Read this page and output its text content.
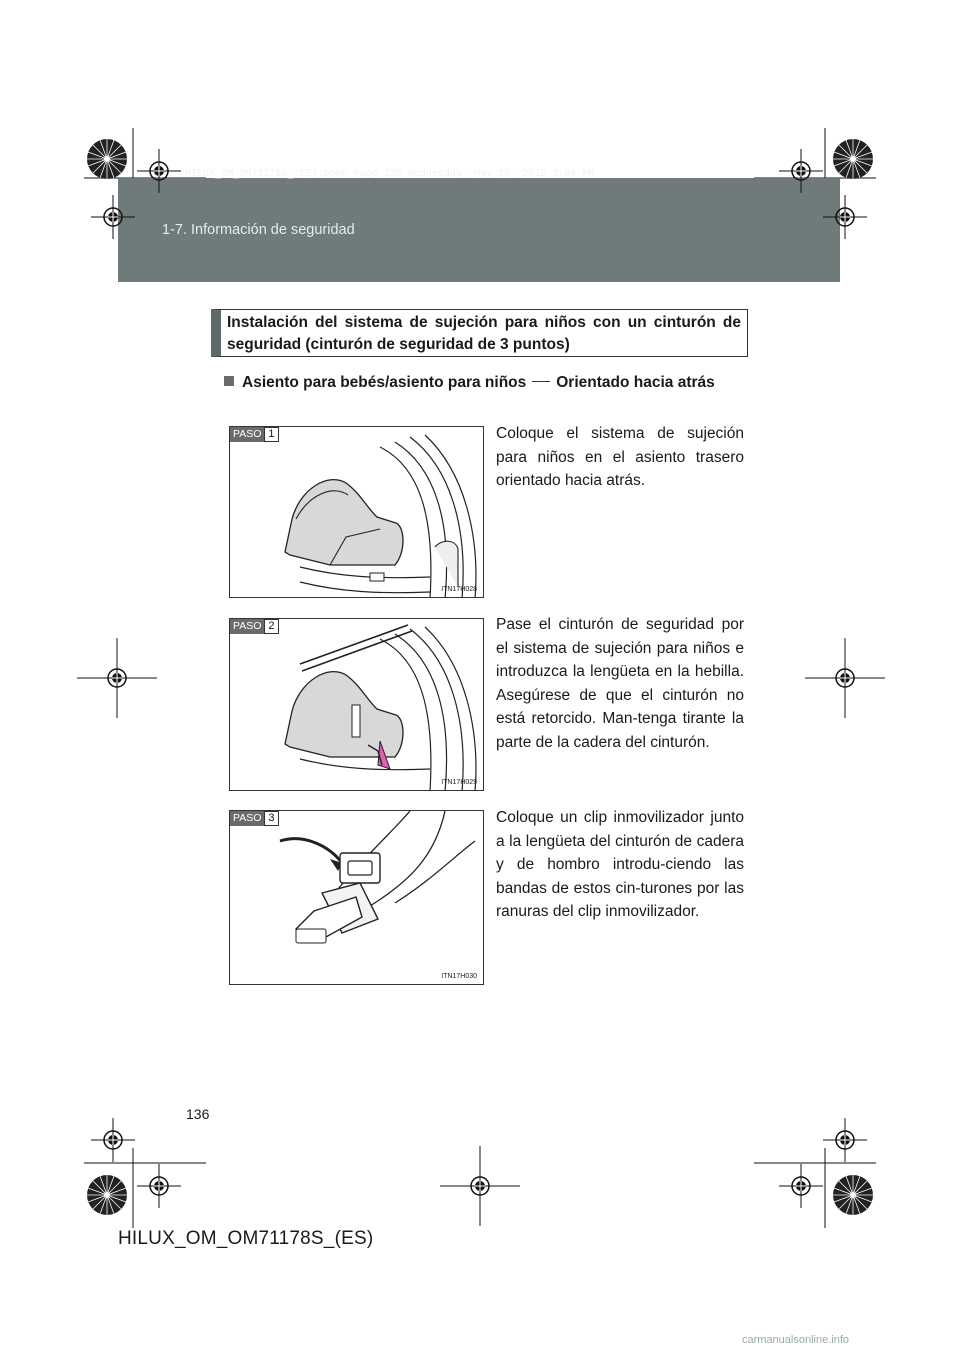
HILUX_OM_OM71178S_(ES).book Page 136 Wednesday, May 16, 2012 3:09 PM
1-7. Información de seguridad
Instalación del sistema de sujeción para niños con un cinturón de seguridad (cinturón de seguridad de 3 puntos)
Asiento para bebés/asiento para niños Orientado hacia atrás
PASO 1
ITN17H028
Coloque el sistema de sujeción para niños en el asiento trasero orientado hacia atrás.
PASO 2
ITN17H029
Pase el cinturón de seguridad por el sistema de sujeción para niños e introduzca la lengüeta en la hebilla. Asegúrese de que el cinturón no está retorcido. Man-tenga tirante la parte de la cadera del cinturón.
PASO 3
ITN17H030
Coloque un clip inmovilizador junto a la lengüeta del cinturón de cadera y de hombro introdu-ciendo las bandas de estos cin-turones por las ranuras del clip inmovilizador.
136
HILUX_OM_OM71178S_(ES)
carmanualsonline.info
